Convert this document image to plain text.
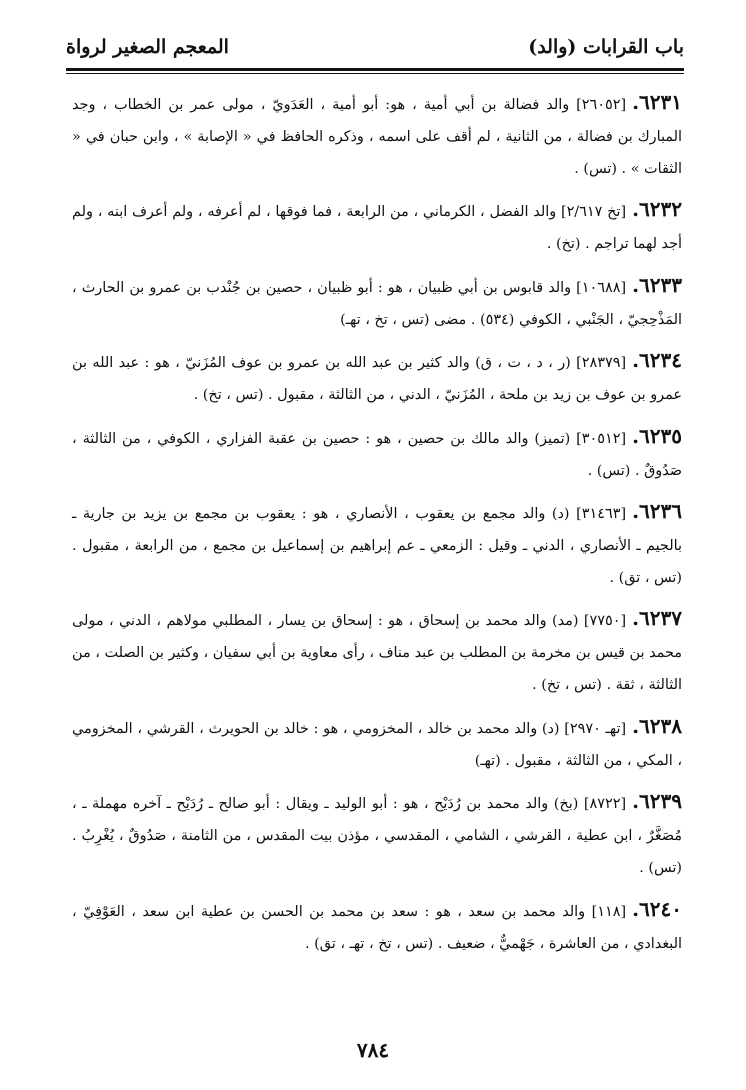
باب القرابات (والد)
المعجم الصغير لرواة

٦٢٣١.[٢٦٠٥٢] والد فضالة بن أبي أمية ، هو: أبو أمية ، العَدَويّ ، مولى عمر بن الخطاب ، وجد المبارك بن فضالة ، من الثانية ، لم أقف على اسمه ، وذكره الحافظ في « الإصابة » ، وابن حبان في « الثقات » . (تس) .

٦٢٣٢.[تخ ٢/٦١٧] والد الفضل ، الكرماني ، من الرابعة ، فما فوقها ، لم أعرفه ، ولم أعرف ابنه ، ولم أجد لهما تراجم . (تخ) .

٦٢٣٣.[١٠٦٨٨] والد قابوس بن أبي ظبيان ، هو : أبو ظبيان ، حصين بن جُنْدب بن عمرو بن الحارث ، المَذْحِجيّ ، الجَنْبي ، الكوفي (٥٣٤) . مضى (تس ، تخ ، تهـ)

٦٢٣٤.[٢٨٣٧٩] (ر ، د ، ت ، ق) والد كثير بن عبد الله بن عمرو بن عوف المُزَنيّ ، هو : عبد الله بن عمرو بن عوف بن زيد بن ملحة ، المُزَنيّ ، الدني ، من الثالثة ، مقبول . (تس ، تخ) .

٦٢٣٥.[٣٠٥١٢] (تميز) والد مالك بن حصين ، هو : حصين بن عقبة الفزاري ، الكوفي ، من الثالثة ، صَدُوقٌ . (تس) .

٦٢٣٦.[٣١٤٦٣] (د) والد مجمع بن يعقوب ، الأنصاري ، هو : يعقوب بن مجمع بن يزيد بن جارية ـ بالجيم ـ الأنصاري ، الدني ـ وقيل : الزمعي ـ عم إبراهيم بن إسماعيل بن مجمع ، من الرابعة ، مقبول . (تس ، تق) .

٦٢٣٧.[٧٧٥٠] (مد) والد محمد بن إسحاق ، هو : إسحاق بن يسار ، المطلبي مولاهم ، الدني ، مولى محمد بن قيس بن مخرمة بن المطلب بن عبد مناف ، رأى معاوية بن أبي سفيان ، وكثير بن الصلت ، من الثالثة ، ثقة . (تس ، تخ) .

٦٢٣٨.[تهـ ٢٩٧٠] (د) والد محمد بن خالد ، المخزومي ، هو : خالد بن الحويرث ، القرشي ، المخزومي ، المكي ، من الثالثة ، مقبول . (تهـ)

٦٢٣٩.[٨٧٢٢] (بخ) والد محمد بن رُدَيْح ، هو : أبو الوليد ـ ويقال : أبو صالح ـ رُدَيْح ـ آخره مهملة ـ ، مُصَغَّرٌ ، ابن عطية ، القرشي ، الشامي ، المقدسي ، مؤذن بيت المقدس ، من الثامنة ، صَدُوقٌ ، يُغْرِبُ . (تس) .

٦٢٤٠.[١١٨] والد محمد بن سعد ، هو : سعد بن محمد بن الحسن بن عطية ابن سعد ، العَوْفِيّ ، البغدادي ، من العاشرة ، جَهْميٌّ ، ضعيف . (تس ، تخ ، تهـ ، تق) .

٧٨٤
